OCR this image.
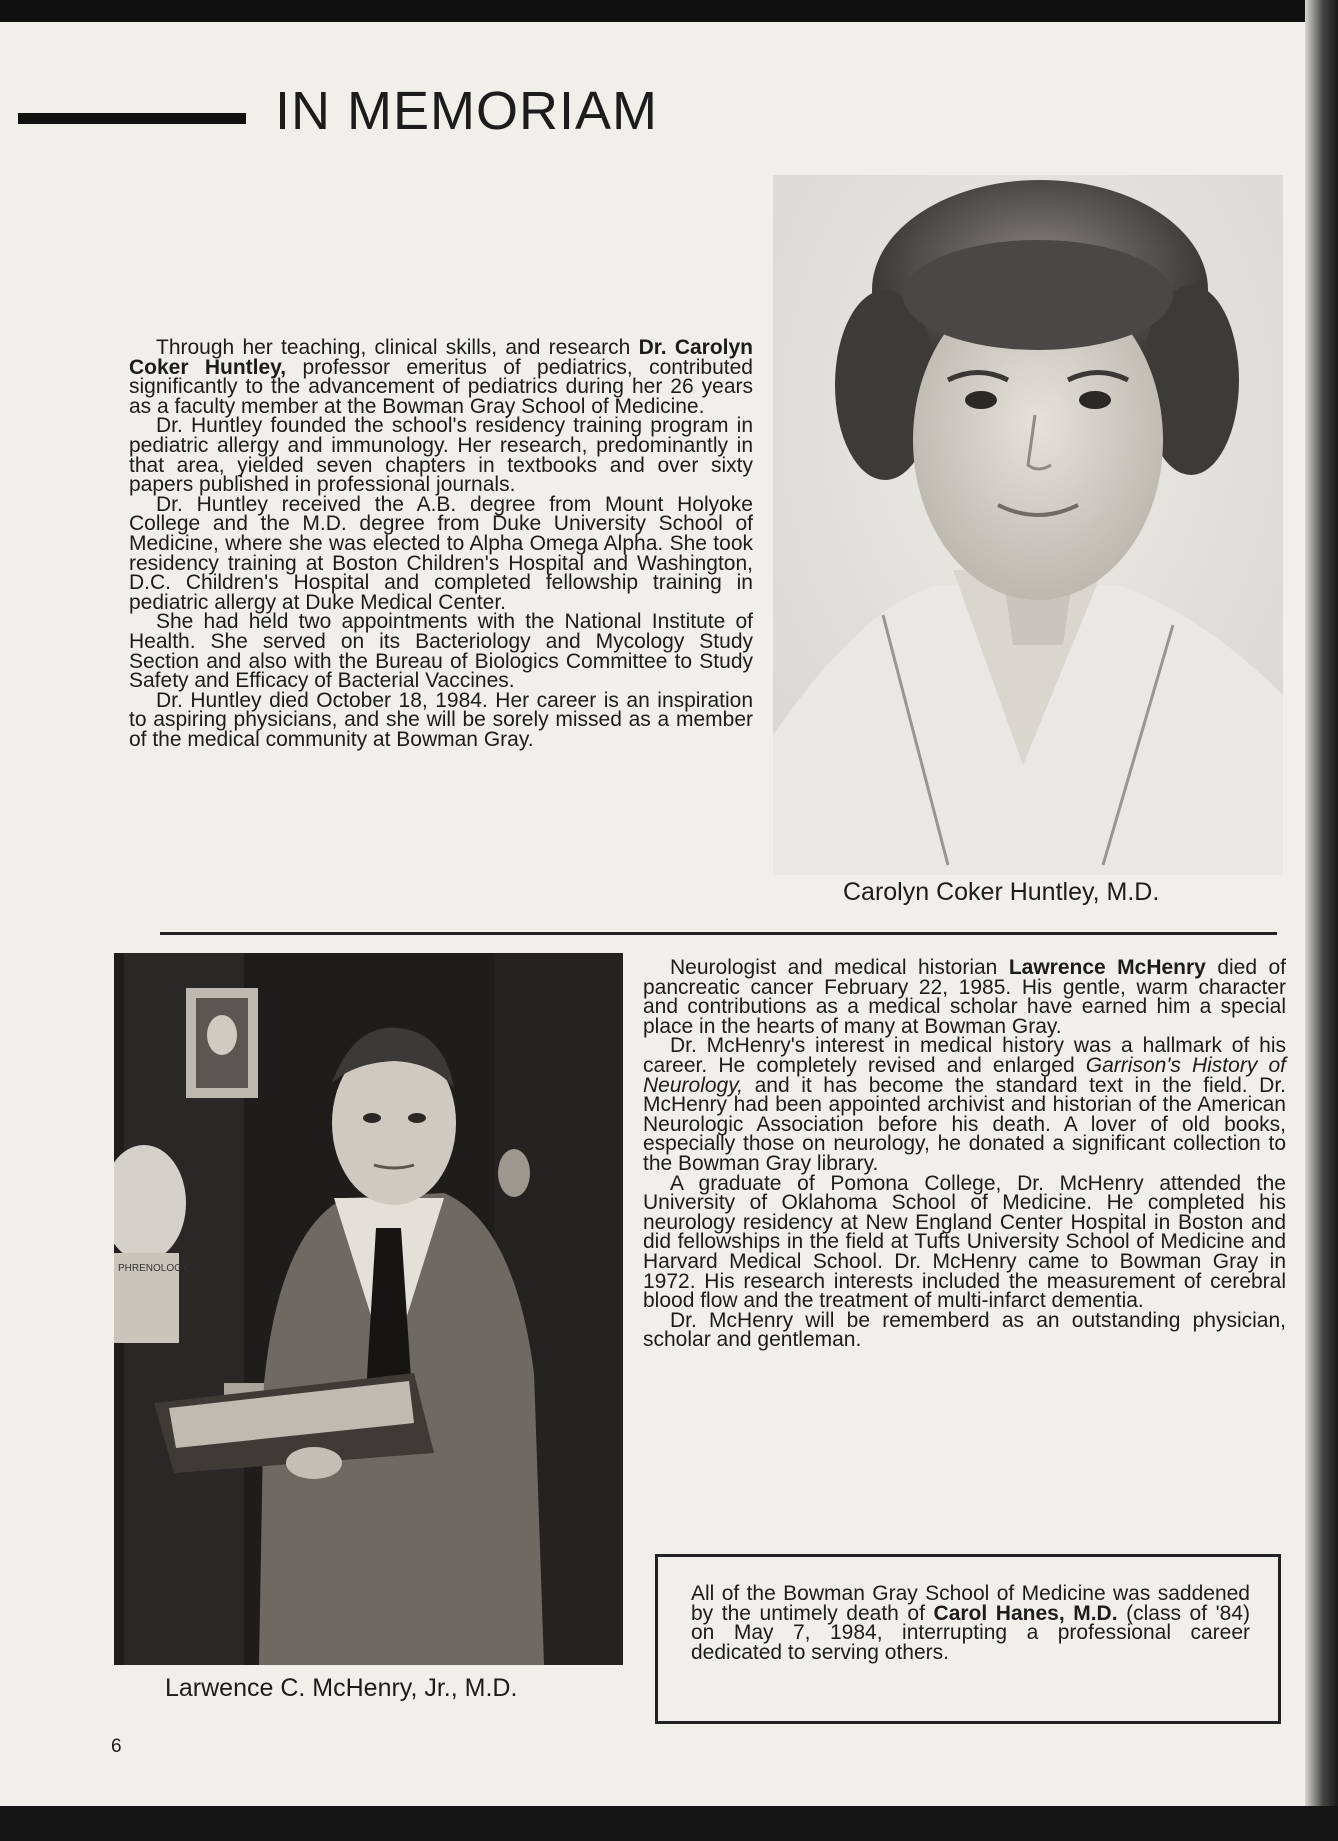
IN MEMORIAM
Carolyn Coker Huntley, M.D.

Through her teaching, clinical skills, and research Dr. Carolyn Coker Huntley, professor emeritus of pediatrics, contributed significantly to the advancement of pediatrics during her 26 years as a faculty member at the Bowman Gray School of Medicine.

Dr. Huntley founded the school's residency training program in pediatric allergy and immunology. Her research, predominantly in that area, yielded seven chapters in textbooks and over sixty papers published in professional journals.

Dr. Huntley received the A.B. degree from Mount Holyoke College and the M.D. degree from Duke University School of Medicine, where she was elected to Alpha Omega Alpha. She took residency training at Boston Children's Hospital and Washington, D.C. Children's Hospital and completed fellowship training in pediatric allergy at Duke Medical Center.

She had held two appointments with the National Institute of Health. She served on its Bacteriology and Mycology Study Section and also with the Bureau of Biologics Committee to Study Safety and Efficacy of Bacterial Vaccines.

Dr. Huntley died October 18, 1984. Her career is an inspiration to aspiring physicians, and she will be sorely missed as a member of the medical community at Bowman Gray.

PHRENOLOGY
Larwence C. McHenry, Jr., M.D.

Neurologist and medical historian Lawrence McHenry died of pancreatic cancer February 22, 1985. His gentle, warm character and contributions as a medical scholar have earned him a special place in the hearts of many at Bowman Gray.

Dr. McHenry's interest in medical history was a hallmark of his career. He completely revised and enlarged Garrison's History of Neurology, and it has become the standard text in the field. Dr. McHenry had been appointed archivist and historian of the American Neurologic Association before his death. A lover of old books, especially those on neurology, he donated a significant collection to the Bowman Gray library.

A graduate of Pomona College, Dr. McHenry attended the University of Oklahoma School of Medicine. He completed his neurology residency at New England Center Hospital in Boston and did fellowships in the field at Tufts University School of Medicine and Harvard Medical School. Dr. McHenry came to Bowman Gray in 1972. His research interests included the measurement of cerebral blood flow and the treatment of multi-infarct dementia.

Dr. McHenry will be rememberd as an outstanding physician, scholar and gentleman.

All of the Bowman Gray School of Medicine was saddened by the untimely death of Carol Hanes, M.D. (class of '84) on May 7, 1984, interrupting a professional career dedicated to serving others.

6
